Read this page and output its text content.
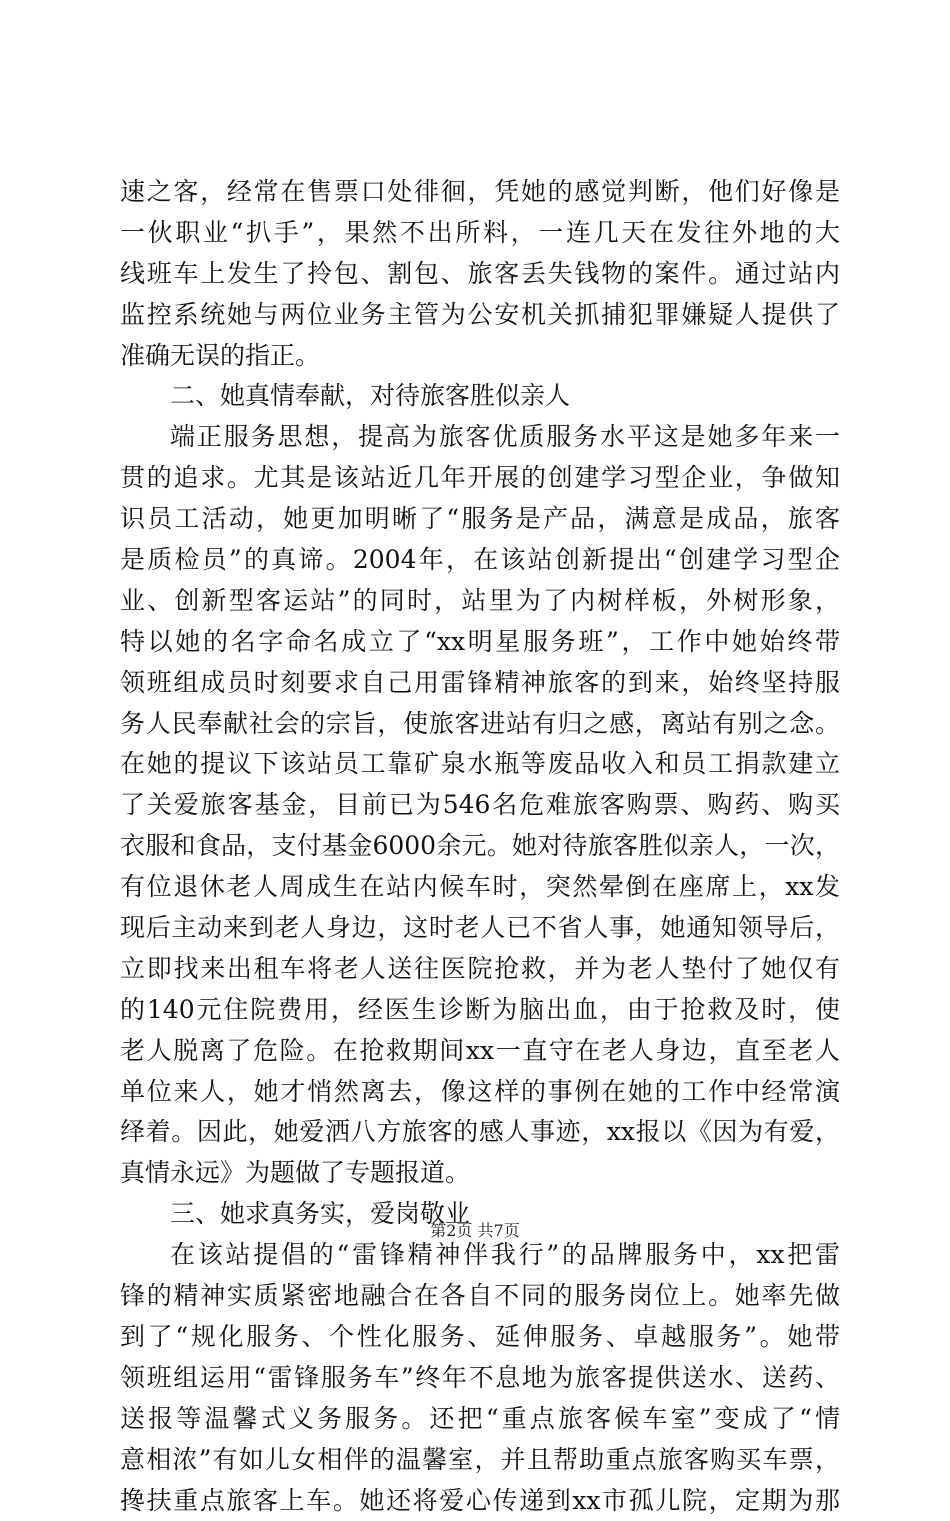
速之客，经常在售票口处徘徊，凭她的感觉判断，他们好像是
一伙职业“扒手”，果然不出所料，一连几天在发往外地的大
线班车上发生了拎包、割包、旅客丢失钱物的案件。通过站内
监控系统她与两位业务主管为公安机关抓捕犯罪嫌疑人提供了
准确无误的指正。
二、她真情奉献，对待旅客胜似亲人
端正服务思想，提高为旅客优质服务水平这是她多年来一
贯的追求。尤其是该站近几年开展的创建学习型企业，争做知
识员工活动，她更加明晰了“服务是产品，满意是成品，旅客
是质检员”的真谛。2004年，在该站创新提出“创建学习型企
业、创新型客运站”的同时，站里为了内树样板，外树形象，
特以她的名字命名成立了“xx明星服务班”，工作中她始终带
领班组成员时刻要求自己用雷锋精神旅客的到来，始终坚持服
务人民奉献社会的宗旨，使旅客进站有归之感，离站有别之念。
在她的提议下该站员工靠矿泉水瓶等废品收入和员工捐款建立
了关爱旅客基金，目前已为546名危难旅客购票、购药、购买
衣服和食品，支付基金6000余元。她对待旅客胜似亲人，一次，
有位退休老人周成生在站内候车时，突然晕倒在座席上，xx发
现后主动来到老人身边，这时老人已不省人事，她通知领导后，
立即找来出租车将老人送往医院抢救，并为老人垫付了她仅有
的140元住院费用，经医生诊断为脑出血，由于抢救及时，使
老人脱离了危险。在抢救期间xx一直守在老人身边，直至老人
单位来人，她才悄然离去，像这样的事例在她的工作中经常演
绎着。因此，她爱洒八方旅客的感人事迹，xx报以《因为有爱，
真情永远》为题做了专题报道。
三、她求真务实，爱岗敬业
在该站提倡的“雷锋精神伴我行”的品牌服务中，xx把雷
锋的精神实质紧密地融合在各自不同的服务岗位上。她率先做
到了“规化服务、个性化服务、延伸服务、卓越服务”。她带
领班组运用“雷锋服务车”终年不息地为旅客提供送水、送药、
送报等温馨式义务服务。还把“重点旅客候车室”变成了“情
意相浓”有如儿女相伴的温馨室，并且帮助重点旅客购买车票，
搀扶重点旅客上车。她还将爱心传递到xx市孤儿院，定期为那
第2页 共7页
